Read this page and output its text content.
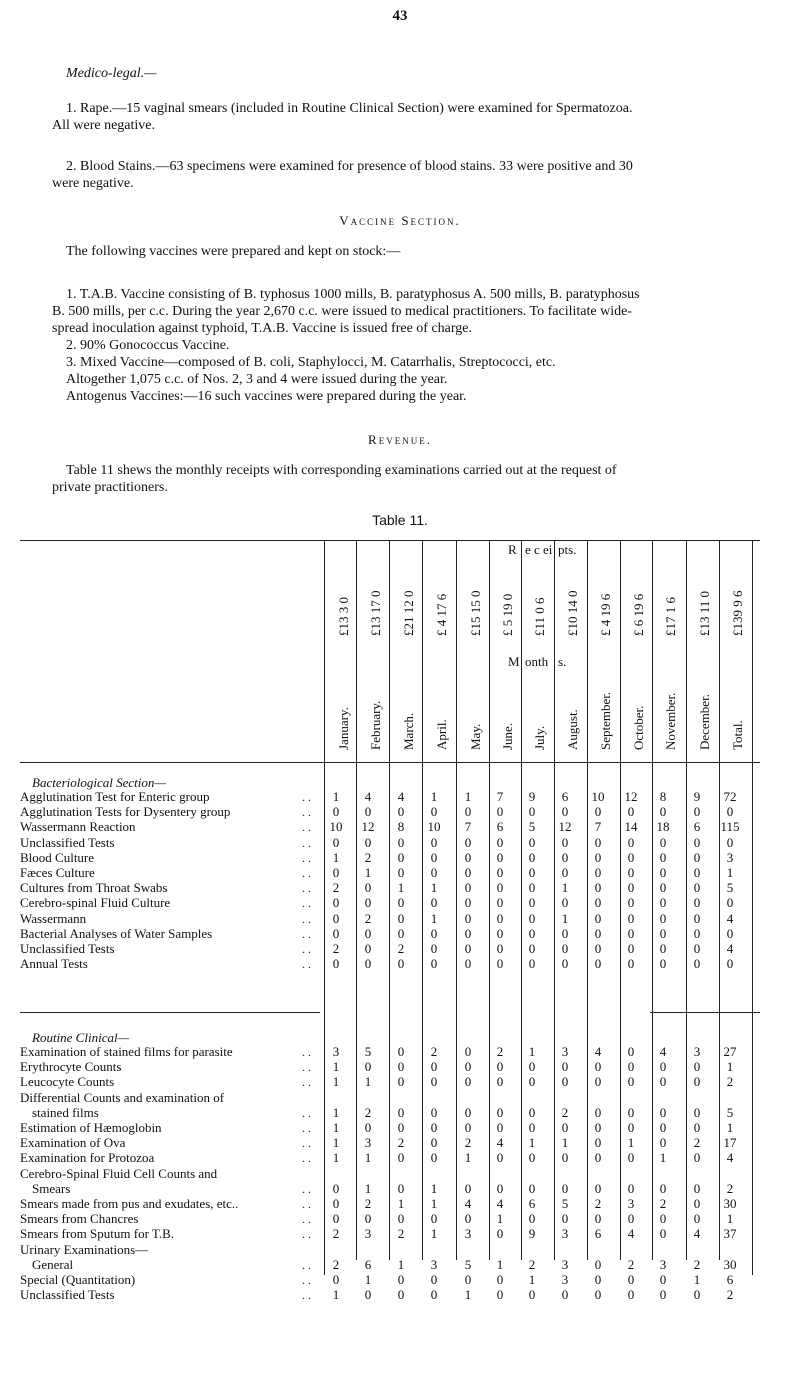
43
Medico-legal.—
1. Rape.—15 vaginal smears (included in Routine Clinical Section) were examined for Spermatozoa.
All were negative.
2. Blood Stains.—63 specimens were examined for presence of blood stains. 33 were positive and 30
were negative.
Vaccine Section.
The following vaccines were prepared and kept on stock:—
1. T.A.B. Vaccine consisting of B. typhosus 1000 mills, B. paratyphosus A. 500 mills, B. paratyphosus
B. 500 mills, per c.c. During the year 2,670 c.c. were issued to medical practitioners. To facilitate wide-
spread inoculation against typhoid, T.A.B. Vaccine is issued free of charge.
2. 90% Gonococcus Vaccine.
3. Mixed Vaccine—composed of B. coli, Staphylocci, M. Catarrhalis, Streptococci, etc.
Altogether 1,075 c.c. of Nos. 2, 3 and 4 were issued during the year.
Antogenus Vaccines:—16 such vaccines were prepared during the year.
Revenue.
Table 11 shews the monthly receipts with corresponding examinations carried out at the request of
private practitioners.
Table 11.
£13 3 0 £13 17 0 £21 12 0 £ 4 17 6 £15 15 0 £ 5 19 0 £11 0 6 £10 14 0 £ 4 19 6 £ 6 19 6 £17 1 6 £13 11 0 £139 9 6
January. February. March. April. May. June. July. August. September. October. November. December. Total.
R e c ei pts.
M onth s.
Bacteriological Section—
Agglutination Test for Enteric group	. .	1	4	4	1	1	7	9	6	10	12	8	9	72
Agglutination Tests for Dysentery group	. .	0	0	0	0	0	0	0	0	0	0	0	0	0
Wassermann Reaction	. .	10	12	8	10	7	6	5	12	7	14	18	6	115
Unclassified Tests	. .	0	0	0	0	0	0	0	0	0	0	0	0	0
Blood Culture	. .	1	2	0	0	0	0	0	0	0	0	0	0	3
Fæces Culture	. .	0	1	0	0	0	0	0	0	0	0	0	0	1
Cultures from Throat Swabs	. .	2	0	1	1	0	0	0	1	0	0	0	0	5
Cerebro-spinal Fluid Culture	. .	0	0	0	0	0	0	0	0	0	0	0	0	0
Wassermann	. .	0	2	0	1	0	0	0	1	0	0	0	0	4
Bacterial Analyses of Water Samples	. .	0	0	0	0	0	0	0	0	0	0	0	0	0
Unclassified Tests	. .	2	0	2	0	0	0	0	0	0	0	0	0	4
Annual Tests	. .	0	0	0	0	0	0	0	0	0	0	0	0	0
Routine Clinical—
Examination of stained films for parasite	. .	3	5	0	2	0	2	1	3	4	0	4	3	27
Erythrocyte Counts	. .	1	0	0	0	0	0	0	0	0	0	0	0	1
Leucocyte Counts	. .	1	1	0	0	0	0	0	0	0	0	0	0	2
Differential Counts and examination of
stained films	. .	1	2	0	0	0	0	0	2	0	0	0	0	5
Estimation of Hæmoglobin	. .	1	0	0	0	0	0	0	0	0	0	0	0	1
Examination of Ova	. .	1	3	2	0	2	4	1	1	0	1	0	2	17
Examination for Protozoa	. .	1	1	0	0	1	0	0	0	0	0	1	0	4
Cerebro-Spinal Fluid Cell Counts and
Smears	. .	0	1	0	1	0	0	0	0	0	0	0	0	2
Smears made from pus and exudates, etc..	. .	0	2	1	1	4	4	6	5	2	3	2	0	30
Smears from Chancres	. .	0	0	0	0	0	1	0	0	0	0	0	0	1
Smears from Sputum for T.B.	. .	2	3	2	1	3	0	9	3	6	4	0	4	37
Urinary Examinations—
General	. .	2	6	1	3	5	1	2	3	0	2	3	2	30
Special (Quantitation)	. .	0	1	0	0	0	0	1	3	0	0	0	1	6
Unclassified Tests	. .	1	0	0	0	1	0	0	0	0	0	0	0	2
